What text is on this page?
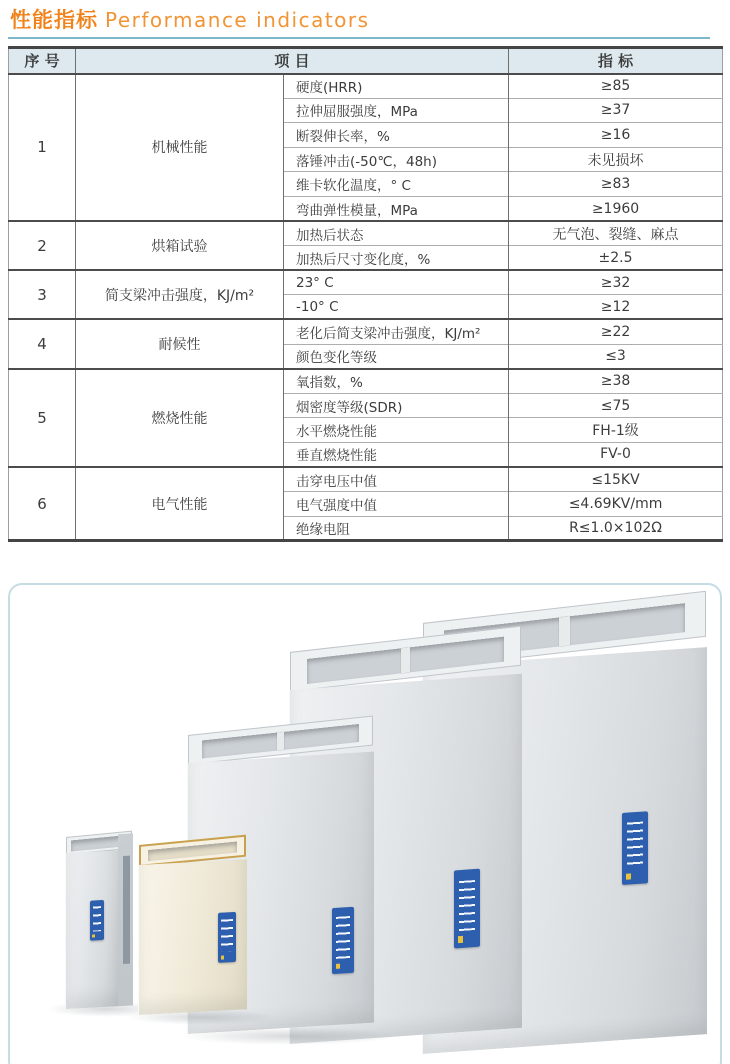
性能指标 Performance indicators
序 号	项 目		指 标
1	机械性能	硬度(HRR)	≥85
		拉伸屈服强度，MPa	≥37
		断裂伸长率，%	≥16
		落锤冲击(-50℃，48h)	未见损坏
		维卡软化温度，° C	≥83
		弯曲弹性模量，MPa	≥1960
2	烘箱试验	加热后状态	无气泡、裂缝、麻点
		加热后尺寸变化度，%	±2.5
3	简支梁冲击强度，KJ/m²	23° C	≥32
		-10° C	≥12
4	耐候性	老化后简支梁冲击强度，KJ/m²	≥22
		颜色变化等级	≤3
5	燃烧性能	氧指数，%	≥38
		烟密度等级(SDR)	≤75
		水平燃烧性能	FH-1级
		垂直燃烧性能	FV-0
6	电气性能	击穿电压中值	≤15KV
		电气强度中值	≤4.69KV/mm
		绝缘电阻	R≤1.0×102Ω
